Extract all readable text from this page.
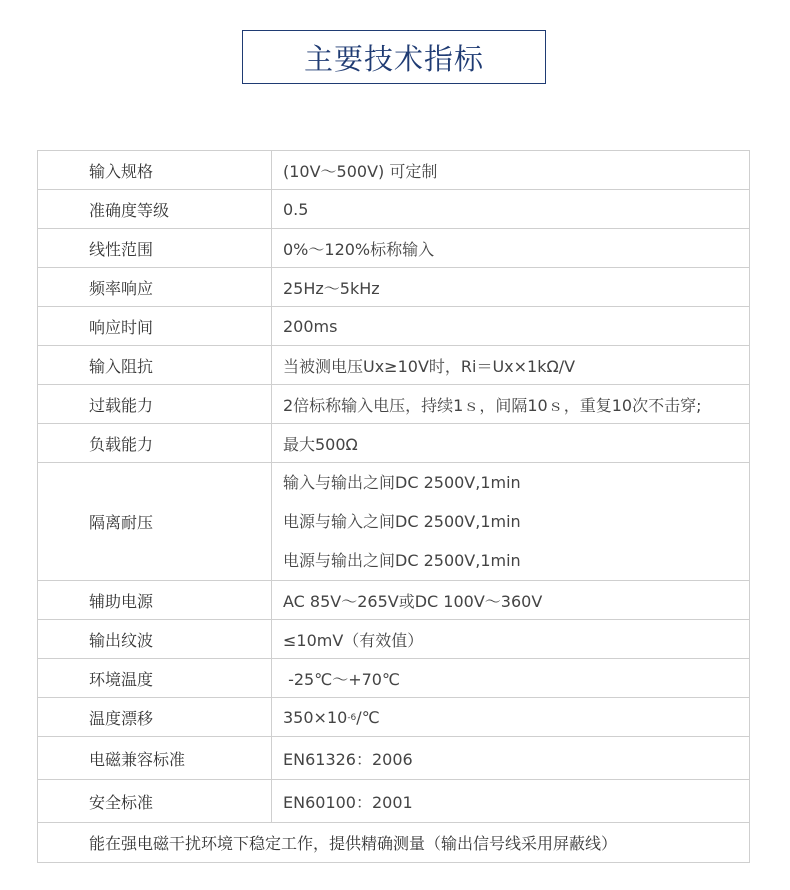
主要技术指标
输入规格	(10V～500V) 可定制
准确度等级	0.5
线性范围	0%～120%标称输入
频率响应	25Hz～5kHz
响应时间	200ms
输入阻抗	当被测电压Ux≥10V时，Ri＝Ux×1kΩ/V
过载能力	2倍标称输入电压，持续1ｓ，间隔10ｓ，重复10次不击穿;
负载能力	最大500Ω
隔离耐压	输入与输出之间DC 2500V,1min
电源与输入之间DC 2500V,1min
电源与输出之间DC 2500V,1min

辅助电源	AC 85V～265V或DC 100V～360V
输出纹波	≤10mV（有效值）
环境温度	-25℃～+70℃
温度漂移	$350\times 10^{-6}/℃$
电磁兼容标准	EN61326：2006
安全标准	EN60100：2001
能在强电磁干扰环境下稳定工作，提供精确测量（输出信号线采用屏蔽线）	
